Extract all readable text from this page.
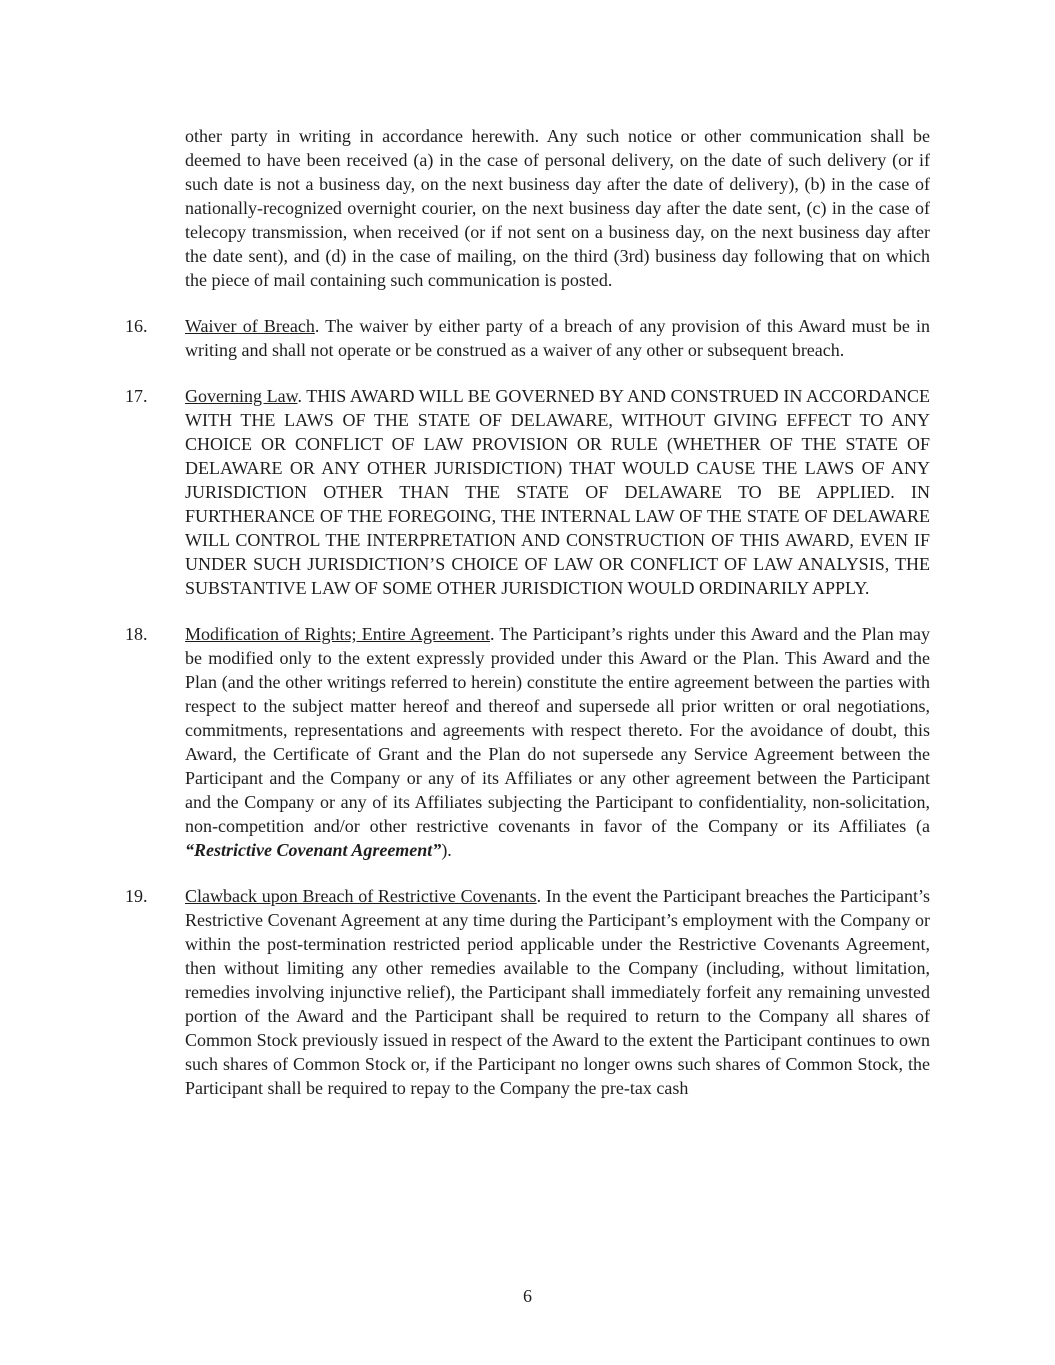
other party in writing in accordance herewith. Any such notice or other communication shall be deemed to have been received (a) in the case of personal delivery, on the date of such delivery (or if such date is not a business day, on the next business day after the date of delivery), (b) in the case of nationally-recognized overnight courier, on the next business day after the date sent, (c) in the case of telecopy transmission, when received (or if not sent on a business day, on the next business day after the date sent), and (d) in the case of mailing, on the third (3rd) business day following that on which the piece of mail containing such communication is posted.

16. Waiver of Breach. The waiver by either party of a breach of any provision of this Award must be in writing and shall not operate or be construed as a waiver of any other or subsequent breach.
17. Governing Law. THIS AWARD WILL BE GOVERNED BY AND CONSTRUED IN ACCORDANCE WITH THE LAWS OF THE STATE OF DELAWARE, WITHOUT GIVING EFFECT TO ANY CHOICE OR CONFLICT OF LAW PROVISION OR RULE (WHETHER OF THE STATE OF DELAWARE OR ANY OTHER JURISDICTION) THAT WOULD CAUSE THE LAWS OF ANY JURISDICTION OTHER THAN THE STATE OF DELAWARE TO BE APPLIED. IN FURTHERANCE OF THE FOREGOING, THE INTERNAL LAW OF THE STATE OF DELAWARE WILL CONTROL THE INTERPRETATION AND CONSTRUCTION OF THIS AWARD, EVEN IF UNDER SUCH JURISDICTION’S CHOICE OF LAW OR CONFLICT OF LAW ANALYSIS, THE SUBSTANTIVE LAW OF SOME OTHER JURISDICTION WOULD ORDINARILY APPLY.
18. Modification of Rights; Entire Agreement. The Participant’s rights under this Award and the Plan may be modified only to the extent expressly provided under this Award or the Plan. This Award and the Plan (and the other writings referred to herein) constitute the entire agreement between the parties with respect to the subject matter hereof and thereof and supersede all prior written or oral negotiations, commitments, representations and agreements with respect thereto. For the avoidance of doubt, this Award, the Certificate of Grant and the Plan do not supersede any Service Agreement between the Participant and the Company or any of its Affiliates or any other agreement between the Participant and the Company or any of its Affiliates subjecting the Participant to confidentiality, non-solicitation, non-competition and/or other restrictive covenants in favor of the Company or its Affiliates (a “Restrictive Covenant Agreement”).
19. Clawback upon Breach of Restrictive Covenants. In the event the Participant breaches the Participant’s Restrictive Covenant Agreement at any time during the Participant’s employment with the Company or within the post-termination restricted period applicable under the Restrictive Covenants Agreement, then without limiting any other remedies available to the Company (including, without limitation, remedies involving injunctive relief), the Participant shall immediately forfeit any remaining unvested portion of the Award and the Participant shall be required to return to the Company all shares of Common Stock previously issued in respect of the Award to the extent the Participant continues to own such shares of Common Stock or, if the Participant no longer owns such shares of Common Stock, the Participant shall be required to repay to the Company the pre-tax cash
6
